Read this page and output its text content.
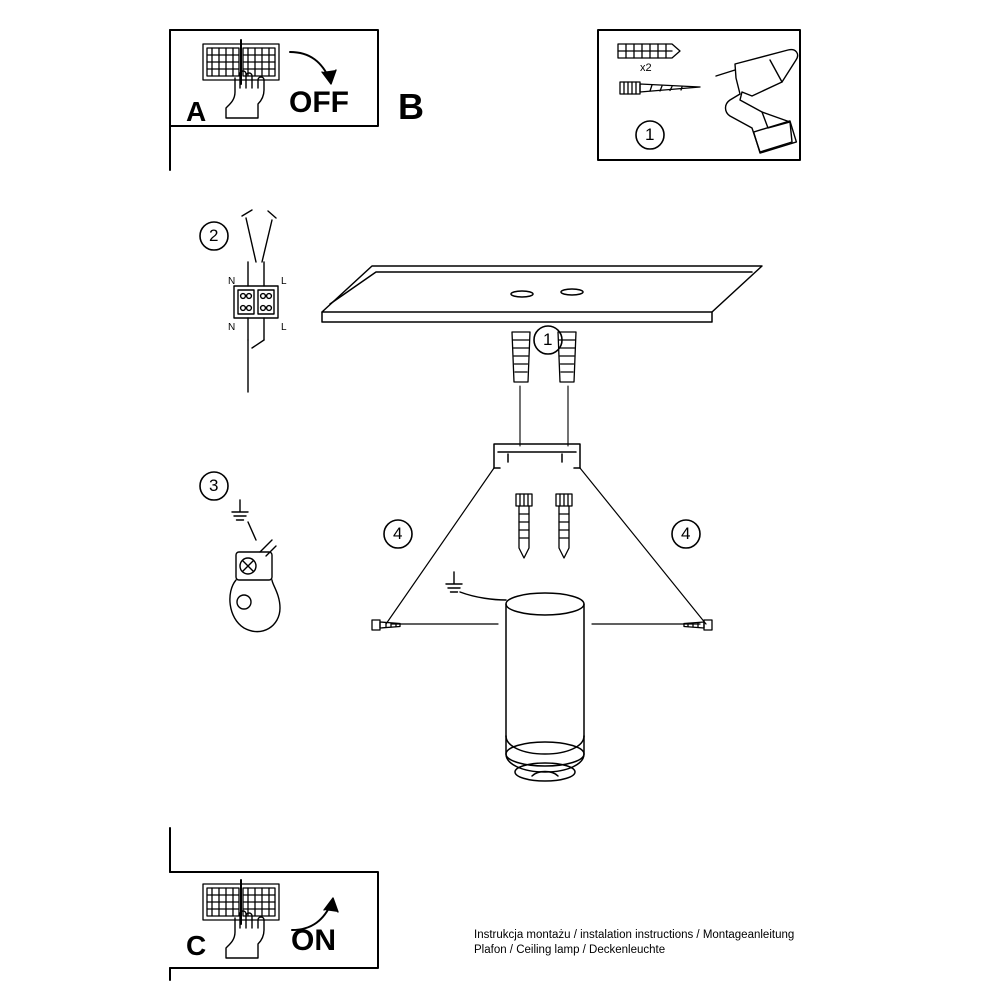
A	OFF B
C	ON
1
1
2
3
4	4
x2
N	L
N	L
Instrukcja montażu / instalation instructions / Montageanleitung
Plafon / Ceiling lamp / Deckenleuchte
